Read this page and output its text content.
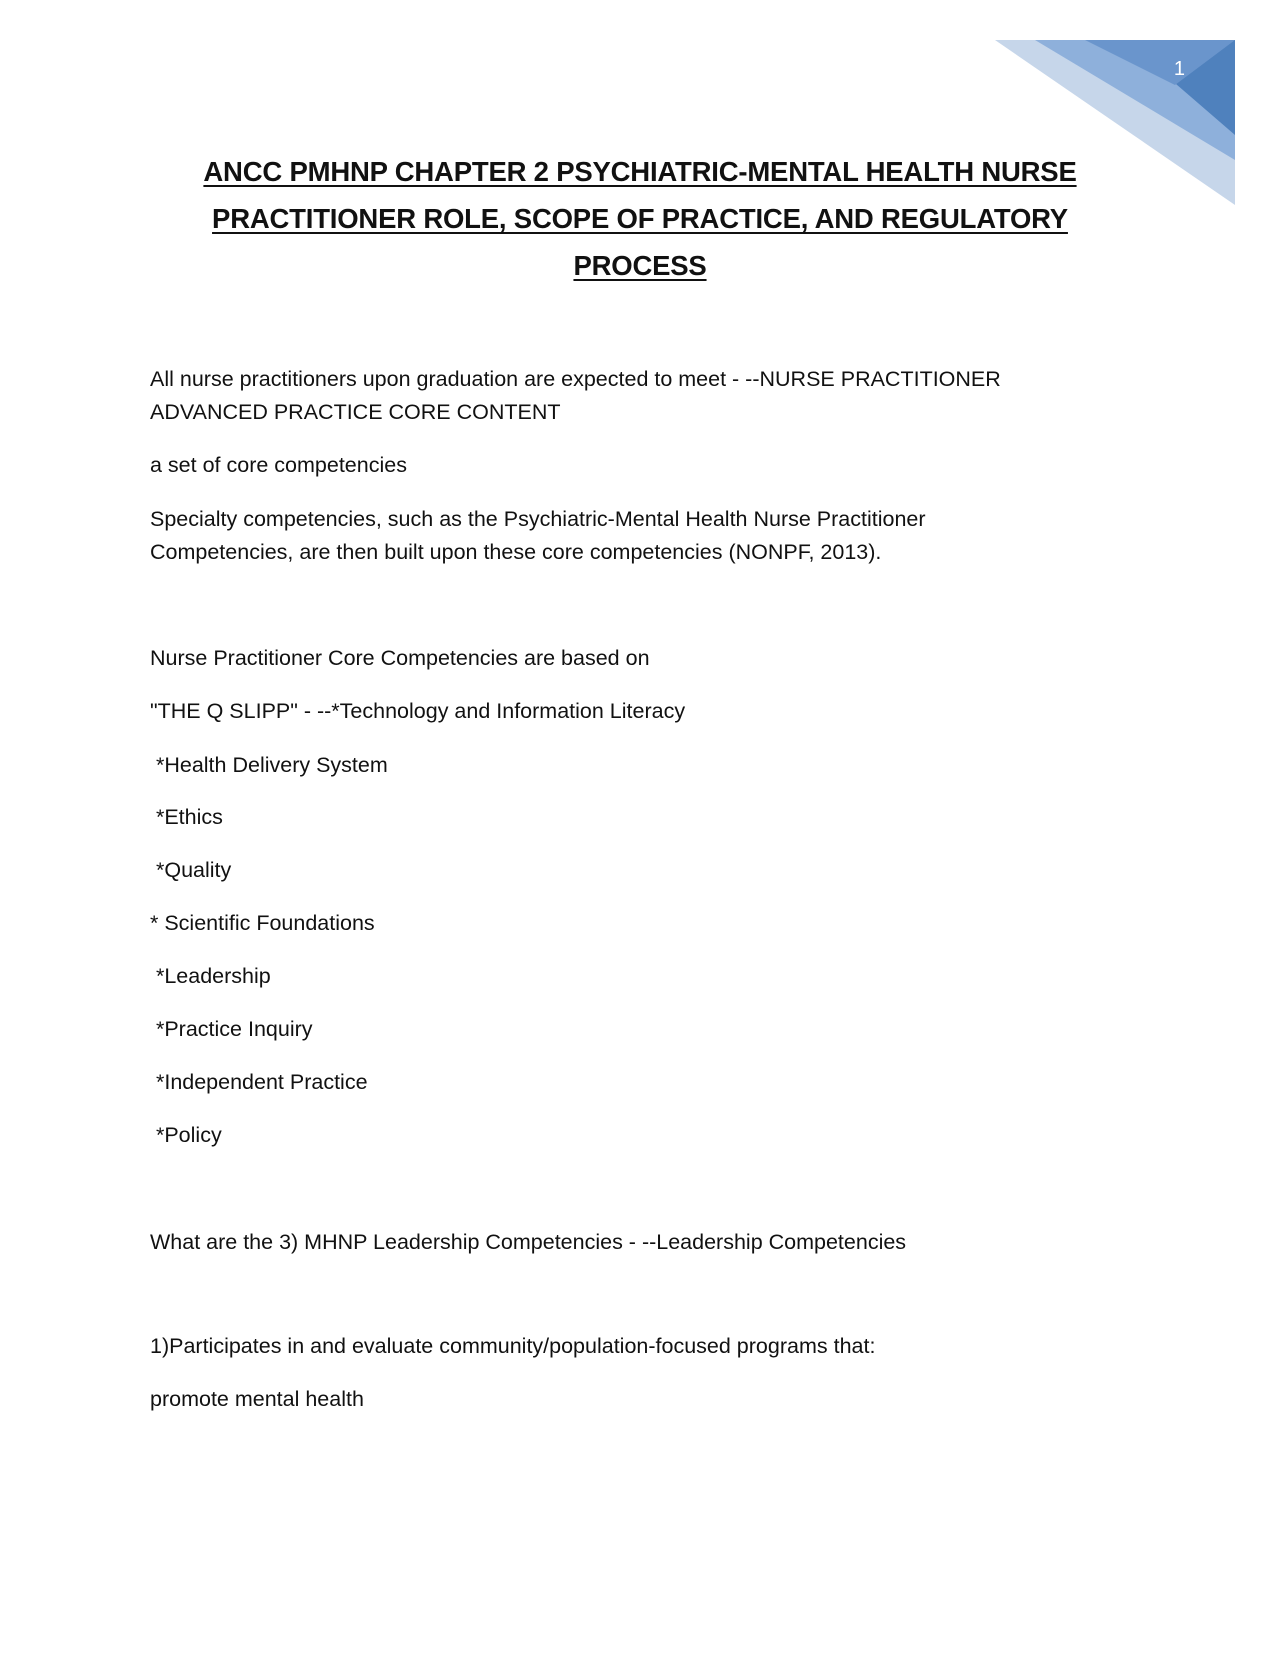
1
ANCC PMHNP CHAPTER 2 PSYCHIATRIC-MENTAL HEALTH NURSE
PRACTITIONER ROLE, SCOPE OF PRACTICE, AND REGULATORY
PROCESS
All nurse practitioners upon graduation are expected to meet - --NURSE PRACTITIONER
ADVANCED PRACTICE CORE CONTENT
a set of core competencies
Specialty competencies, such as the Psychiatric-Mental Health Nurse Practitioner
Competencies, are then built upon these core competencies (NONPF, 2013).
Nurse Practitioner Core Competencies are based on
"THE Q SLIPP" - --*Technology and Information Literacy
*Health Delivery System
*Ethics
*Quality
* Scientific Foundations
*Leadership
*Practice Inquiry
*Independent Practice
*Policy
What are the 3) MHNP Leadership Competencies - --Leadership Competencies
1)Participates in and evaluate community/population-focused programs that:
promote mental health
